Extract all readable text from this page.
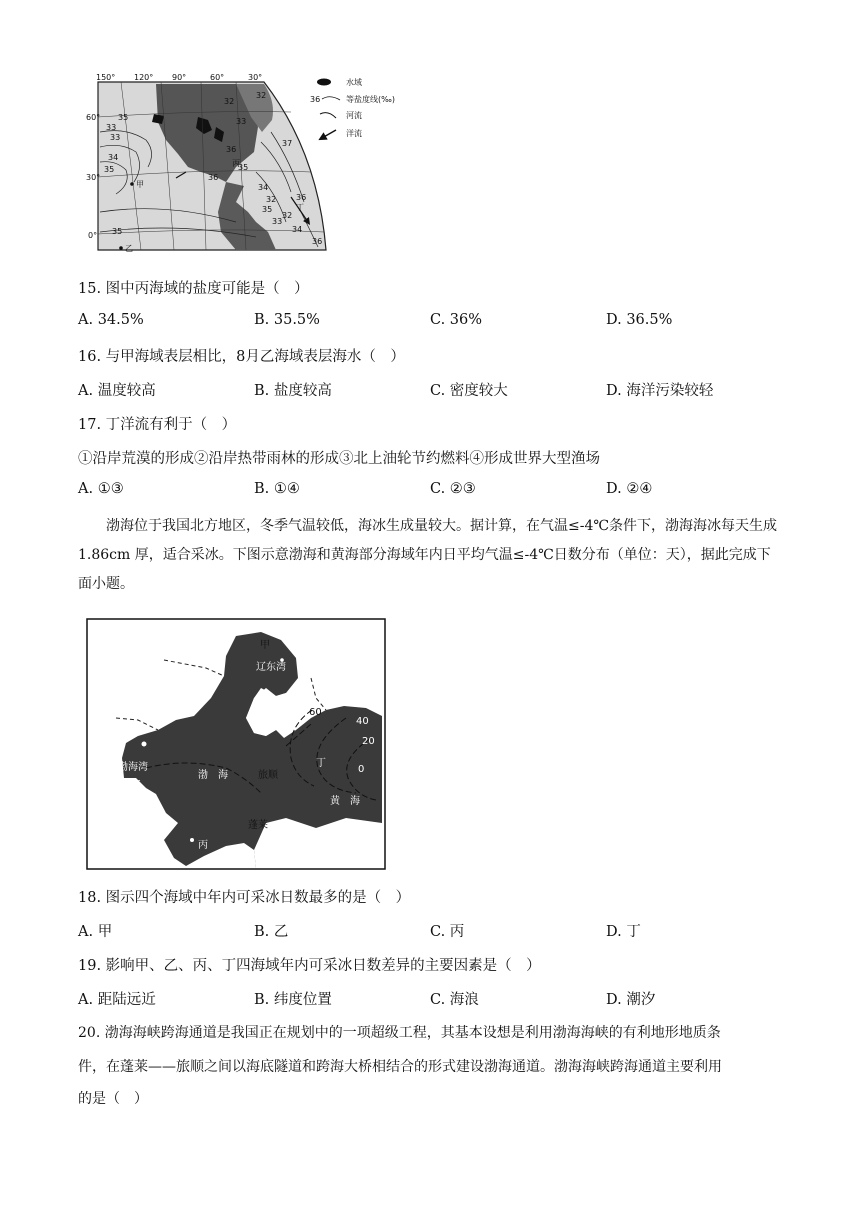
150° 120° 90°	60°	30°
60°
30°
0°
33
35
34
35
33
32
33
32
36
37
36
35
34
32
35
36
35
33
32
34
36
甲
乙
丙
丁
水域
36	等盐度线(‰)
河流
洋流
15. 图中丙海域的盐度可能是（　）
A. 34.5%	B. 35.5%	C. 36%	D. 36.5%
16. 与甲海域表层相比，8月乙海域表层海水（　）
A. 温度较高	B. 盐度较高	C. 密度较大	D. 海洋污染较轻
17. 丁洋流有利于（　）
①沿岸荒漠的形成②沿岸热带雨林的形成③北上油轮节约燃料④形成世界大型渔场
A. ①③	B. ①④	C. ②③	D. ②④
渤海位于我国北方地区，冬季气温较低，海冰生成量较大。据计算，在气温≤-4℃条件下，渤海海冰每天生成 1.86cm 厚，适合采冰。下图示意渤海和黄海部分海域年内日平均气温≤-4℃日数分布（单位：天），据此完成下面小题。
60
40
20
0
甲
辽东湾
渤海湾
乙
渤　海	旅顺
丁
黄　海
蓬莱
丙
18. 图示四个海域中年内可采冰日数最多的是（　）
A. 甲	B. 乙	C. 丙	D. 丁
19. 影响甲、乙、丙、丁四海域年内可采冰日数差异的主要因素是（　）
A. 距陆远近	B. 纬度位置	C. 海浪	D. 潮汐
20. 渤海海峡跨海通道是我国正在规划中的一项超级工程，其基本设想是利用渤海海峡的有利地形地质条
件，在蓬莱——旅顺之间以海底隧道和跨海大桥相结合的形式建设渤海通道。渤海海峡跨海通道主要利用
的是（　）
